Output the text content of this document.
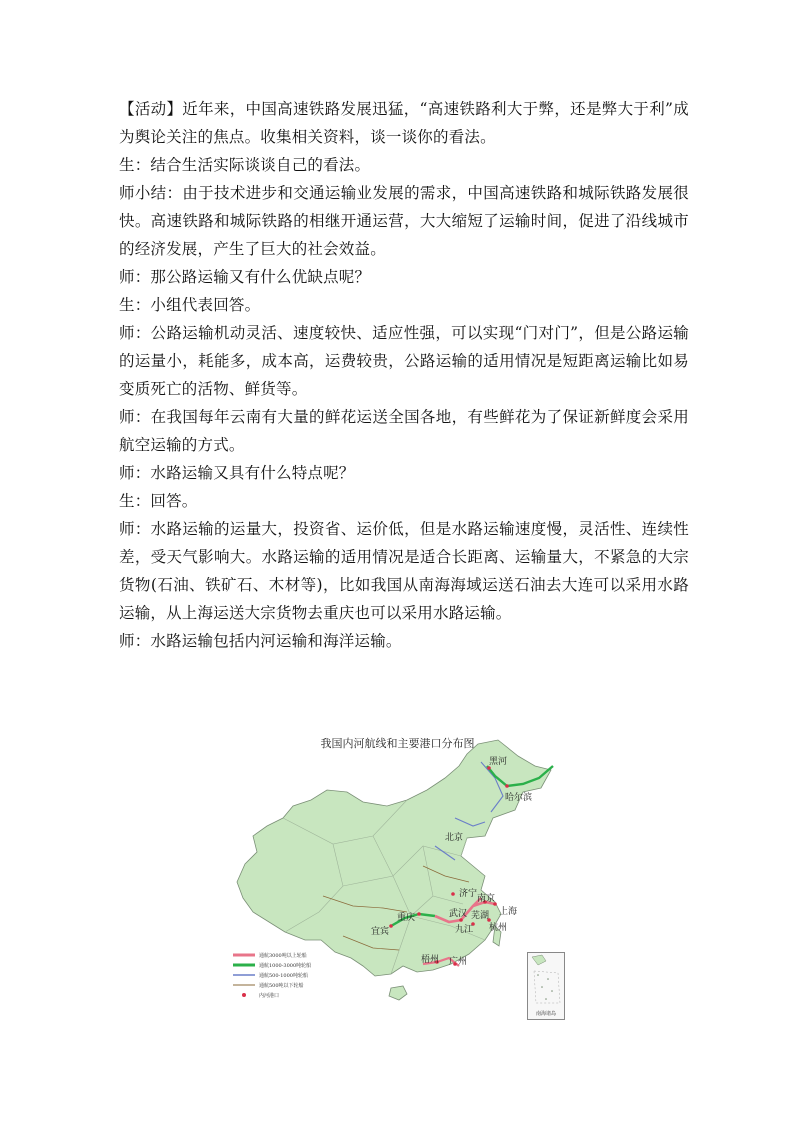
【活动】近年来，中国高速铁路发展迅猛，“高速铁路利大于弊，还是弊大于利”成为舆论关注的焦点。收集相关资料，谈一谈你的看法。

生：结合生活实际谈谈自己的看法。

师小结：由于技术进步和交通运输业发展的需求，中国高速铁路和城际铁路发展很快。高速铁路和城际铁路的相继开通运营，大大缩短了运输时间，促进了沿线城市的经济发展，产生了巨大的社会效益。

师：那公路运输又有什么优缺点呢？

生：小组代表回答。

师：公路运输机动灵活、速度较快、适应性强，可以实现“门对门”，但是公路运输的运量小，耗能多，成本高，运费较贵，公路运输的适用情况是短距离运输比如易变质死亡的活物、鲜货等。

师：在我国每年云南有大量的鲜花运送全国各地，有些鲜花为了保证新鲜度会采用航空运输的方式。

师：水路运输又具有什么特点呢？

生：回答。

师：水路运输的运量大，投资省、运价低，但是水路运输速度慢，灵活性、连续性差，受天气影响大。水路运输的适用情况是适合长距离、运输量大，不紧急的大宗货物(石油、铁矿石、木材等)，比如我国从南海海域运送石油去大连可以采用水路运输，从上海运送大宗货物去重庆也可以采用水路运输。

师：水路运输包括内河运输和海洋运输。

我国内河航线和主要港口分布图
黑河
哈尔滨
北京
济宁 南京
武汉	上海
重庆
宜宾	九江 杭州
芜湖
梧州 广州
通航3000吨以上轮船
通航1000-3000吨轮船
通航500-1000吨轮船
通航500吨以下轮船
内河港口
南海诸岛
